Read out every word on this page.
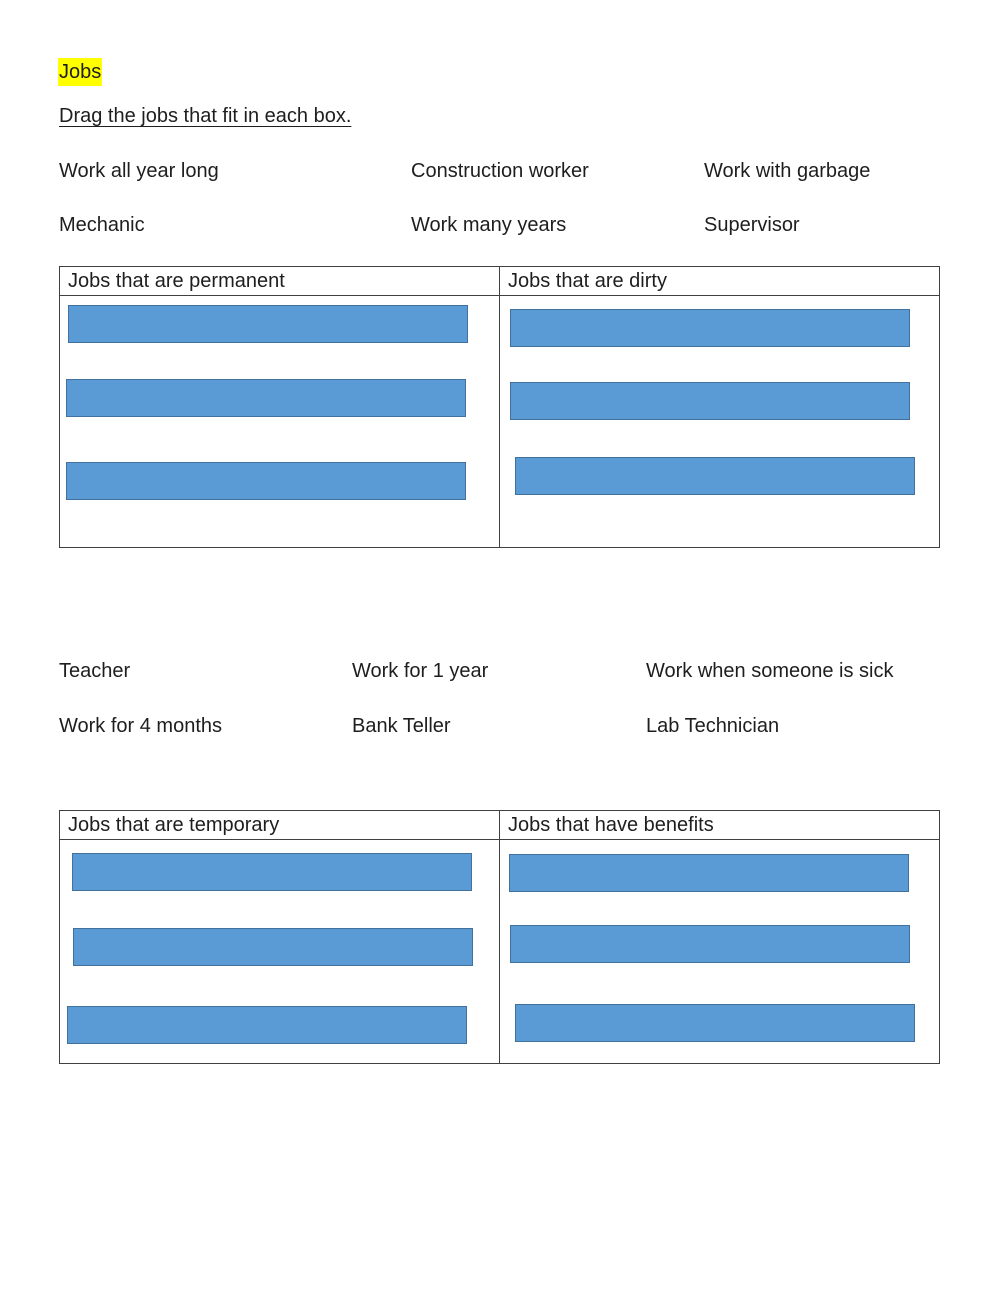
Jobs
Drag the jobs that fit in each box.
Work all year long	Construction worker	Work with garbage
Mechanic	Work many years	Supervisor
Jobs that are permanent	Jobs that are dirty

Teacher	Work for 1 year	Work when someone is sick
Work for 4 months	Bank Teller	Lab Technician
Jobs that are temporary	Jobs that have benefits
